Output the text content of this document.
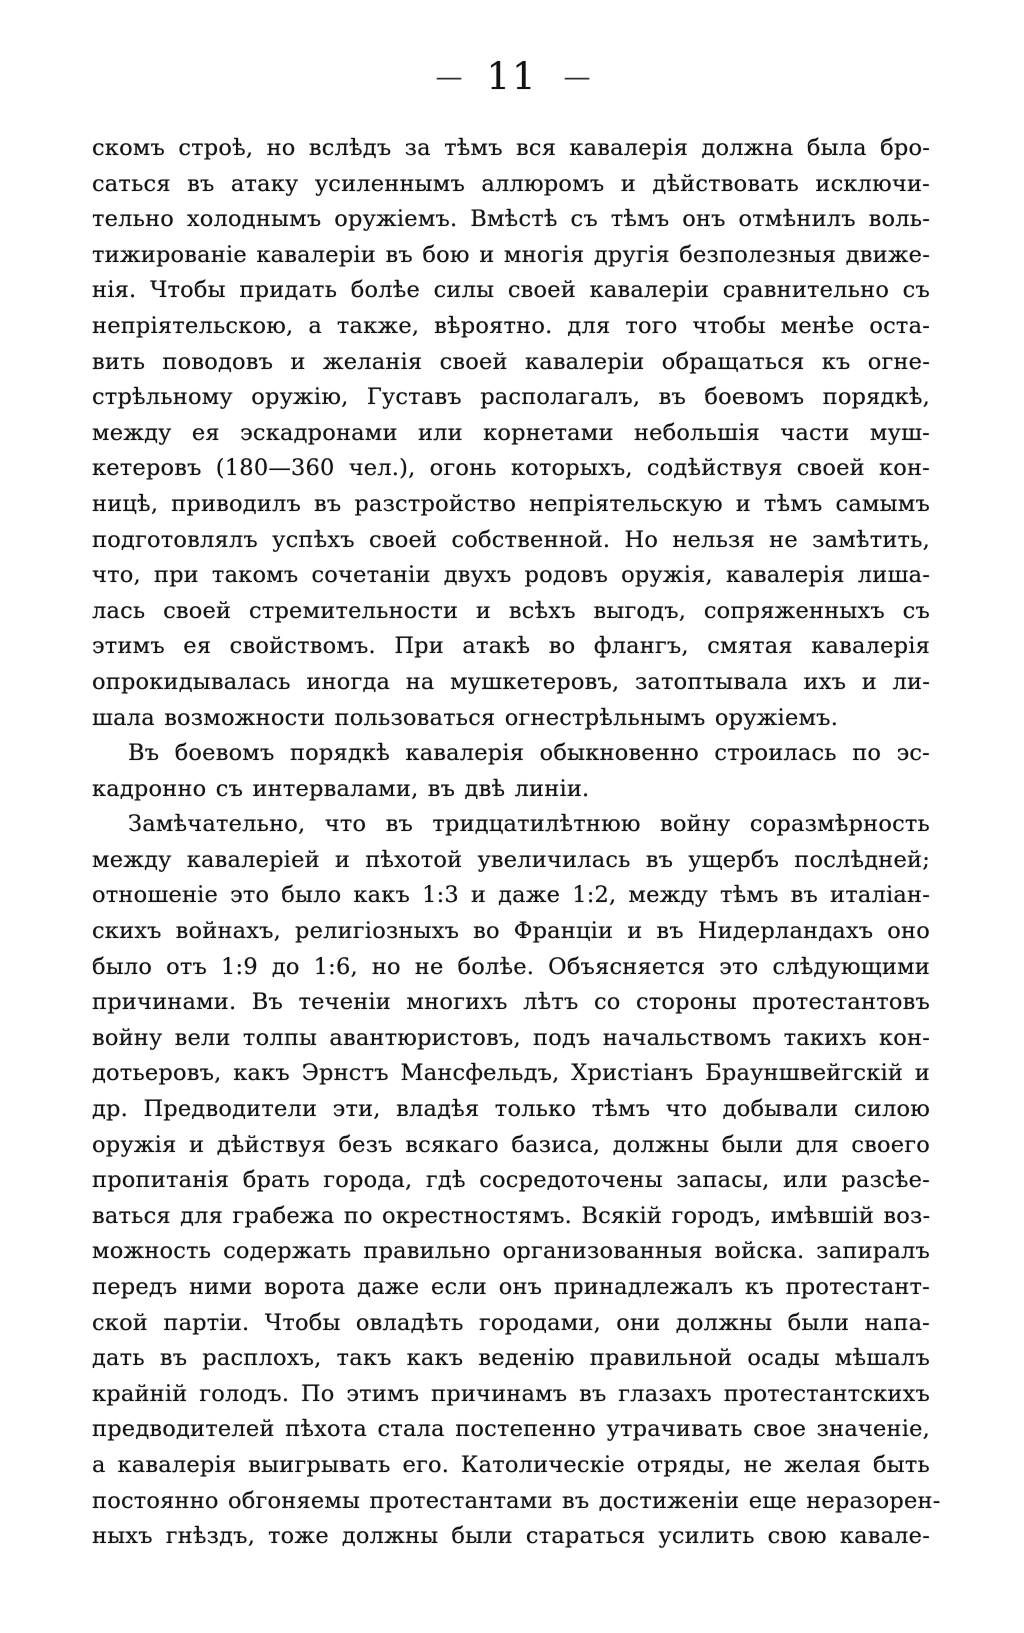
— 11 —
скомъ строѣ, но вслѣдъ за тѣмъ вся кавалерія должна была бро-
саться въ атаку усиленнымъ аллюромъ и дѣйствовать исключи-
тельно холоднымъ оружіемъ. Вмѣстѣ съ тѣмъ онъ отмѣнилъ воль-
тижированіе кавалеріи въ бою и многія другія безполезныя движе-
нія. Чтобы придать болѣе силы своей кавалеріи сравнительно съ
непріятельскою, а также, вѣроятно. для того чтобы менѣе оста-
вить поводовъ и желанія своей кавалеріи обращаться къ огне-
стрѣльному оружію, Густавъ располагалъ, въ боевомъ порядкѣ,
между ея эскадронами или корнетами небольшія части муш-
кетеровъ (180—360 чел.), огонь которыхъ, содѣйствуя своей кон-
ницѣ, приводилъ въ разстройство непріятельскую и тѣмъ самымъ
подготовлялъ успѣхъ своей собственной. Но нельзя не замѣтить,
что, при такомъ сочетаніи двухъ родовъ оружія, кавалерія лиша-
лась своей стремительности и всѣхъ выгодъ, сопряженныхъ съ
этимъ ея свойствомъ. При атакѣ во флангъ, смятая кавалерія
опрокидывалась иногда на мушкетеровъ, затоптывала ихъ и ли-
шала возможности пользоваться огнестрѣльнымъ оружіемъ.
Въ боевомъ порядкѣ кавалерія обыкновенно строилась по эс-
кадронно съ интервалами, въ двѣ линіи.
Замѣчательно, что въ тридцатилѣтнюю войну соразмѣрность
между кавалеріей и пѣхотой увеличилась въ ущербъ послѣдней;
отношеніе это было какъ 1:3 и даже 1:2, между тѣмъ въ италіан-
скихъ войнахъ, религіозныхъ во Франціи и въ Нидерландахъ оно
было отъ 1:9 до 1:6, но не болѣе. Объясняется это слѣдующими
причинами. Въ теченіи многихъ лѣтъ со стороны протестантовъ
войну вели толпы авантюристовъ, подъ начальствомъ такихъ кон-
дотьеровъ, какъ Эрнстъ Мансфельдъ, Христіанъ Брауншвейгскій и
др. Предводители эти, владѣя только тѣмъ что добывали силою
оружія и дѣйствуя безъ всякаго базиса, должны были для своего
пропитанія брать города, гдѣ сосредоточены запасы, или разсѣе-
ваться для грабежа по окрестностямъ. Всякій городъ, имѣвшій воз-
можность содержать правильно организованныя войска. запиралъ
передъ ними ворота даже если онъ принадлежалъ къ протестант-
ской партіи. Чтобы овладѣть городами, они должны были напа-
дать въ расплохъ, такъ какъ веденію правильной осады мѣшалъ
крайній голодъ. По этимъ причинамъ въ глазахъ протестантскихъ
предводителей пѣхота стала постепенно утрачивать свое значеніе,
а кавалерія выигрывать его. Католическіе отряды, не желая быть
постоянно обгоняемы протестантами въ достиженіи еще неразорен-
ныхъ гнѣздъ, тоже должны были стараться усилить свою кавале-
